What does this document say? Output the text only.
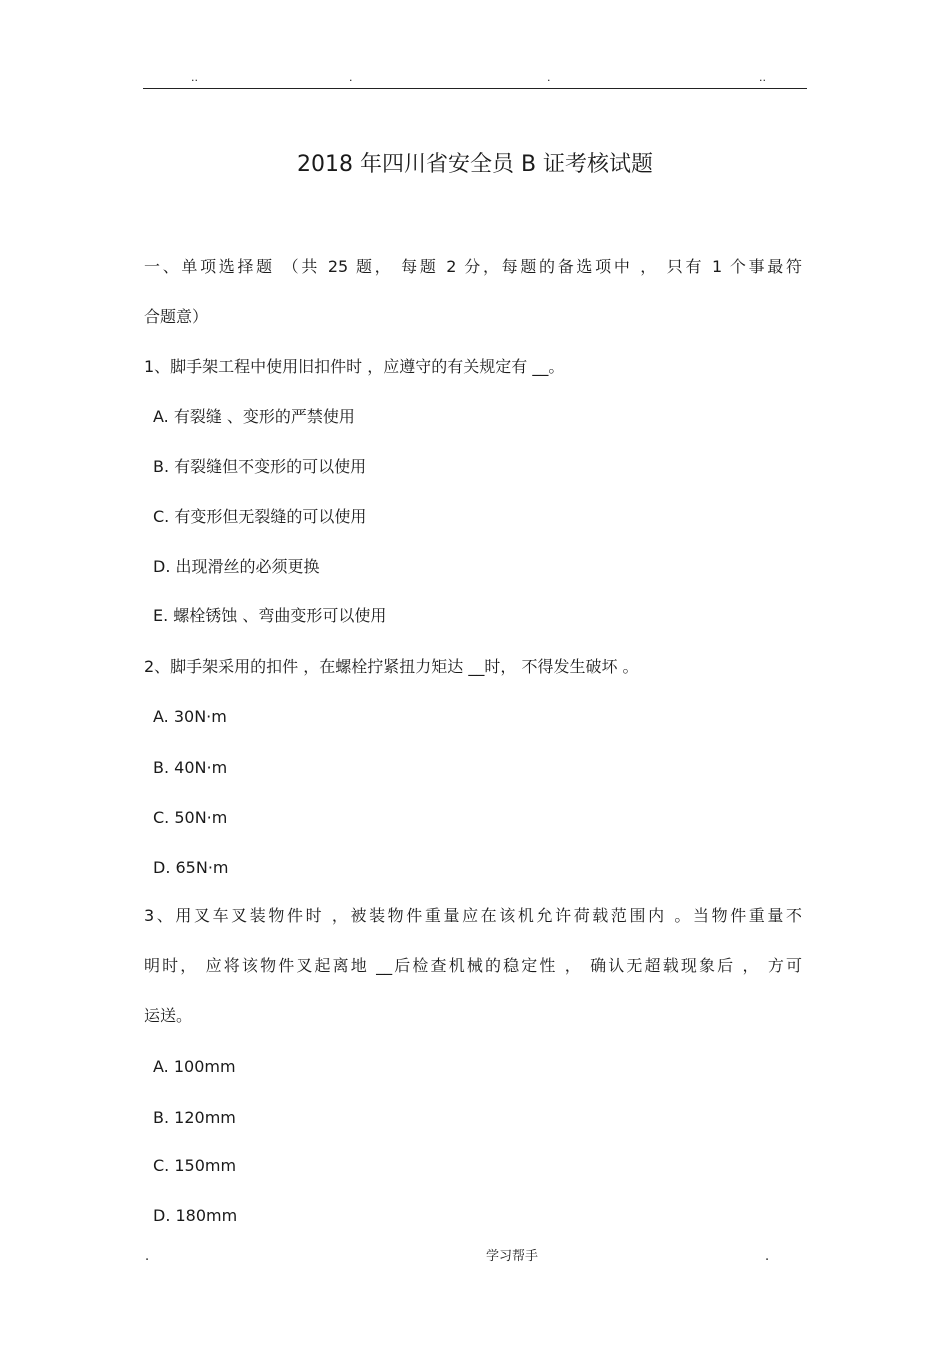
..	.	.	..
2018 年四川省安全员 B 证考核试题
一、单项选择题 （共 25 题， 每题 2 分，每题的备选项中 ， 只有 1 个事最符
合题意）
1、脚手架工程中使用旧扣件时 ，应遵守的有关规定有 __。
A. 有裂缝 、变形的严禁使用
B. 有裂缝但不变形的可以使用
C. 有变形但无裂缝的可以使用
D. 出现滑丝的必须更换
E. 螺栓锈蚀 、弯曲变形可以使用
2、脚手架采用的扣件 ，在螺栓拧紧扭力矩达 __时， 不得发生破坏 。
A. 30N·m
B. 40N·m
C. 50N·m
D. 65N·m
3、用叉车叉装物件时 ，被装物件重量应在该机允许荷载范围内 。当物件重量不
明时， 应将该物件叉起离地 __后检查机械的稳定性 ， 确认无超载现象后 ， 方可
运送。
A. 100mm
B. 120mm
C. 150mm
D. 180mm
.	学习帮手	.
